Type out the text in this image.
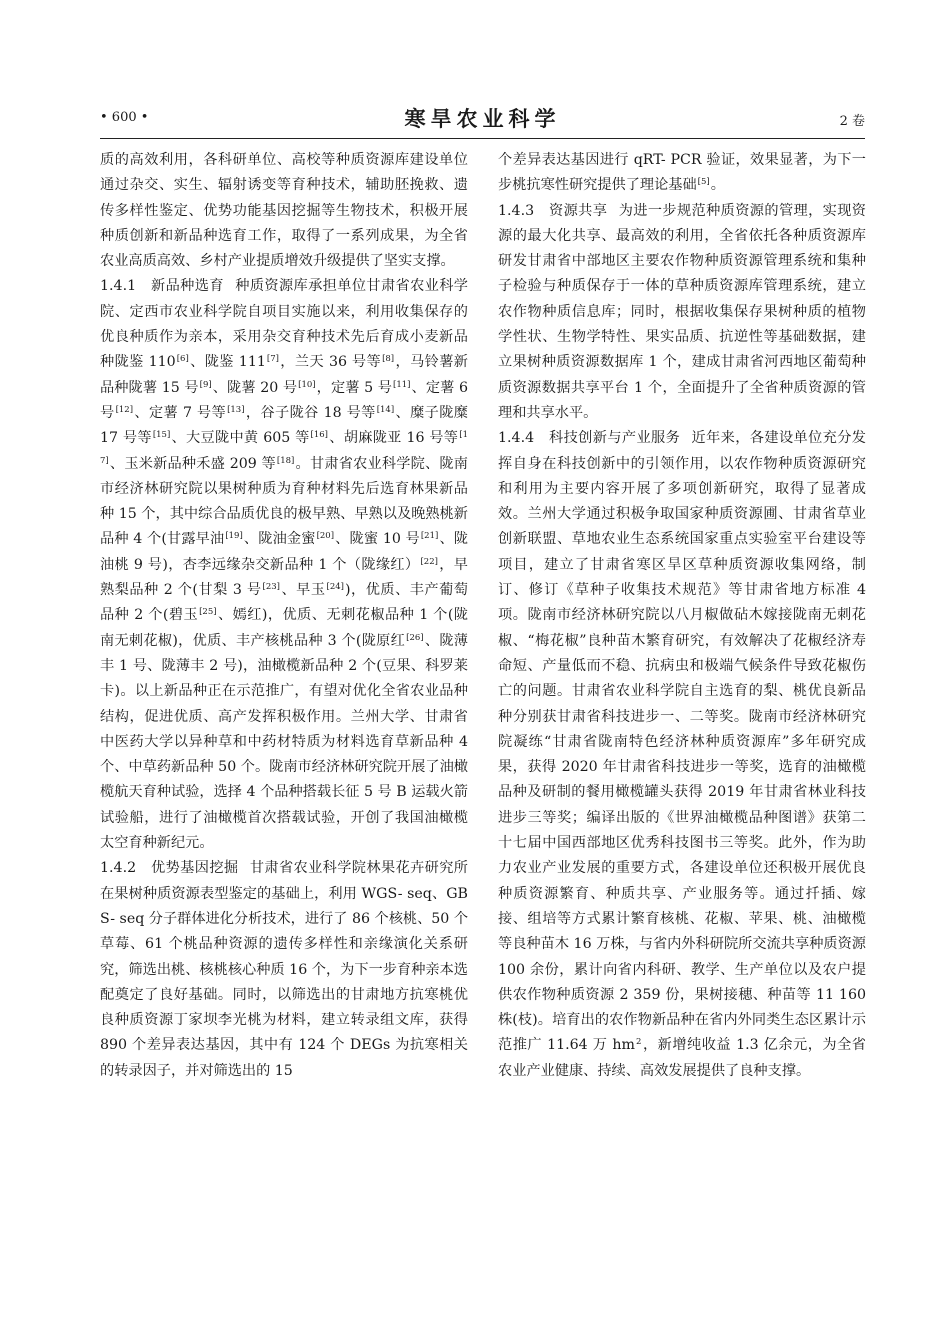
• 600 •	寒旱农业科学	2 卷

质的高效利用，各科研单位、高校等种质资源库建设单位通过杂交、实生、辐射诱变等育种技术，辅助胚挽救、遗传多样性鉴定、优势功能基因挖掘等生物技术，积极开展种质创新和新品种选育工作，取得了一系列成果，为全省农业高质高效、乡村产业提质增效升级提供了坚实支撑。

1.4.1　新品种选育 种质资源库承担单位甘肃省农业科学院、定西市农业科学院自项目实施以来，利用收集保存的优良种质作为亲本，采用杂交育种技术先后育成小麦新品种陇鉴 110[6]、陇鉴 111[7]，兰天 36 号等[8]，马铃薯新品种陇薯 15 号[9]、陇薯 20 号[10]，定薯 5 号[11]、定薯 6 号[12]、定薯 7 号等[13]，谷子陇谷 18 号等[14]、糜子陇糜 17 号等[15]、大豆陇中黄 605 等[16]、胡麻陇亚 16 号等[17]、玉米新品种禾盛 209 等[18]。甘肃省农业科学院、陇南市经济林研究院以果树种质为育种材料先后选育林果新品种 15 个，其中综合品质优良的极早熟、早熟以及晚熟桃新品种 4 个(甘露早油[19]、陇油金蜜[20]、陇蜜 10 号[21]、陇油桃 9 号)，杏李远缘杂交新品种 1 个（陇缘红）[22]，早熟梨品种 2 个(甘梨 3 号[23]、早玉[24])，优质、丰产葡萄品种 2 个(碧玉[25]、嫣红)，优质、无刺花椒品种 1 个(陇南无刺花椒)，优质、丰产核桃品种 3 个(陇原红[26]、陇薄丰 1 号、陇薄丰 2 号)，油橄榄新品种 2 个(豆果、科罗莱卡)。以上新品种正在示范推广，有望对优化全省农业品种结构，促进优质、高产发挥积极作用。兰州大学、甘肃省中医药大学以异种草和中药材特质为材料选育草新品种 4 个、中草药新品种 50 个。陇南市经济林研究院开展了油橄榄航天育种试验，选择 4 个品种搭载长征 5 号 B 运载火箭试验船，进行了油橄榄首次搭载试验，开创了我国油橄榄太空育种新纪元。

1.4.2　优势基因挖掘 甘肃省农业科学院林果花卉研究所在果树种质资源表型鉴定的基础上，利用 WGS- seq、GBS- seq 分子群体进化分析技术，进行了 86 个核桃、50 个草莓、61 个桃品种资源的遗传多样性和亲缘演化关系研究，筛选出桃、核桃核心种质 16 个，为下一步育种亲本选配奠定了良好基础。同时，以筛选出的甘肃地方抗寒桃优良种质资源丁家坝李光桃为材料，建立转录组文库，获得 890 个差异表达基因，其中有 124 个 DEGs 为抗寒相关的转录因子，并对筛选出的 15

个差异表达基因进行 qRT- PCR 验证，效果显著，为下一步桃抗寒性研究提供了理论基础[5]。

1.4.3　资源共享 为进一步规范种质资源的管理，实现资源的最大化共享、最高效的利用，全省依托各种质资源库研发甘肃省中部地区主要农作物种质资源管理系统和集种子检验与种质保存于一体的草种质资源库管理系统，建立农作物种质信息库；同时，根据收集保存果树种质的植物学性状、生物学特性、果实品质、抗逆性等基础数据，建立果树种质资源数据库 1 个，建成甘肃省河西地区葡萄种质资源数据共享平台 1 个，全面提升了全省种质资源的管理和共享水平。

1.4.4　科技创新与产业服务 近年来，各建设单位充分发挥自身在科技创新中的引领作用，以农作物种质资源研究和利用为主要内容开展了多项创新研究，取得了显著成效。兰州大学通过积极争取国家种质资源圃、甘肃省草业创新联盟、草地农业生态系统国家重点实验室平台建设等项目，建立了甘肃省寒区旱区草种质资源收集网络，制订、修订《草种子收集技术规范》等甘肃省地方标准 4 项。陇南市经济林研究院以八月椒做砧木嫁接陇南无刺花椒、“梅花椒”良种苗木繁育研究，有效解决了花椒经济寿命短、产量低而不稳、抗病虫和极端气候条件导致花椒伤亡的问题。甘肃省农业科学院自主选育的梨、桃优良新品种分别获甘肃省科技进步一、二等奖。陇南市经济林研究院凝练“甘肃省陇南特色经济林种质资源库”多年研究成果，获得 2020 年甘肃省科技进步一等奖，选育的油橄榄品种及研制的餐用橄榄罐头获得 2019 年甘肃省林业科技进步三等奖；编译出版的《世界油橄榄品种图谱》获第二十七届中国西部地区优秀科技图书三等奖。此外，作为助力农业产业发展的重要方式，各建设单位还积极开展优良种质资源繁育、种质共享、产业服务等。通过扦插、嫁接、组培等方式累计繁育核桃、花椒、苹果、桃、油橄榄等良种苗木 16 万株，与省内外科研院所交流共享种质资源 100 余份，累计向省内科研、教学、生产单位以及农户提供农作物种质资源 2 359 份，果树接穗、种苗等 11 160 株(枝)。培育出的农作物新品种在省内外同类生态区累计示范推广 11.64 万 $hm^2$，新增纯收益 1.3 亿余元，为全省农业产业健康、持续、高效发展提供了良种支撑。
